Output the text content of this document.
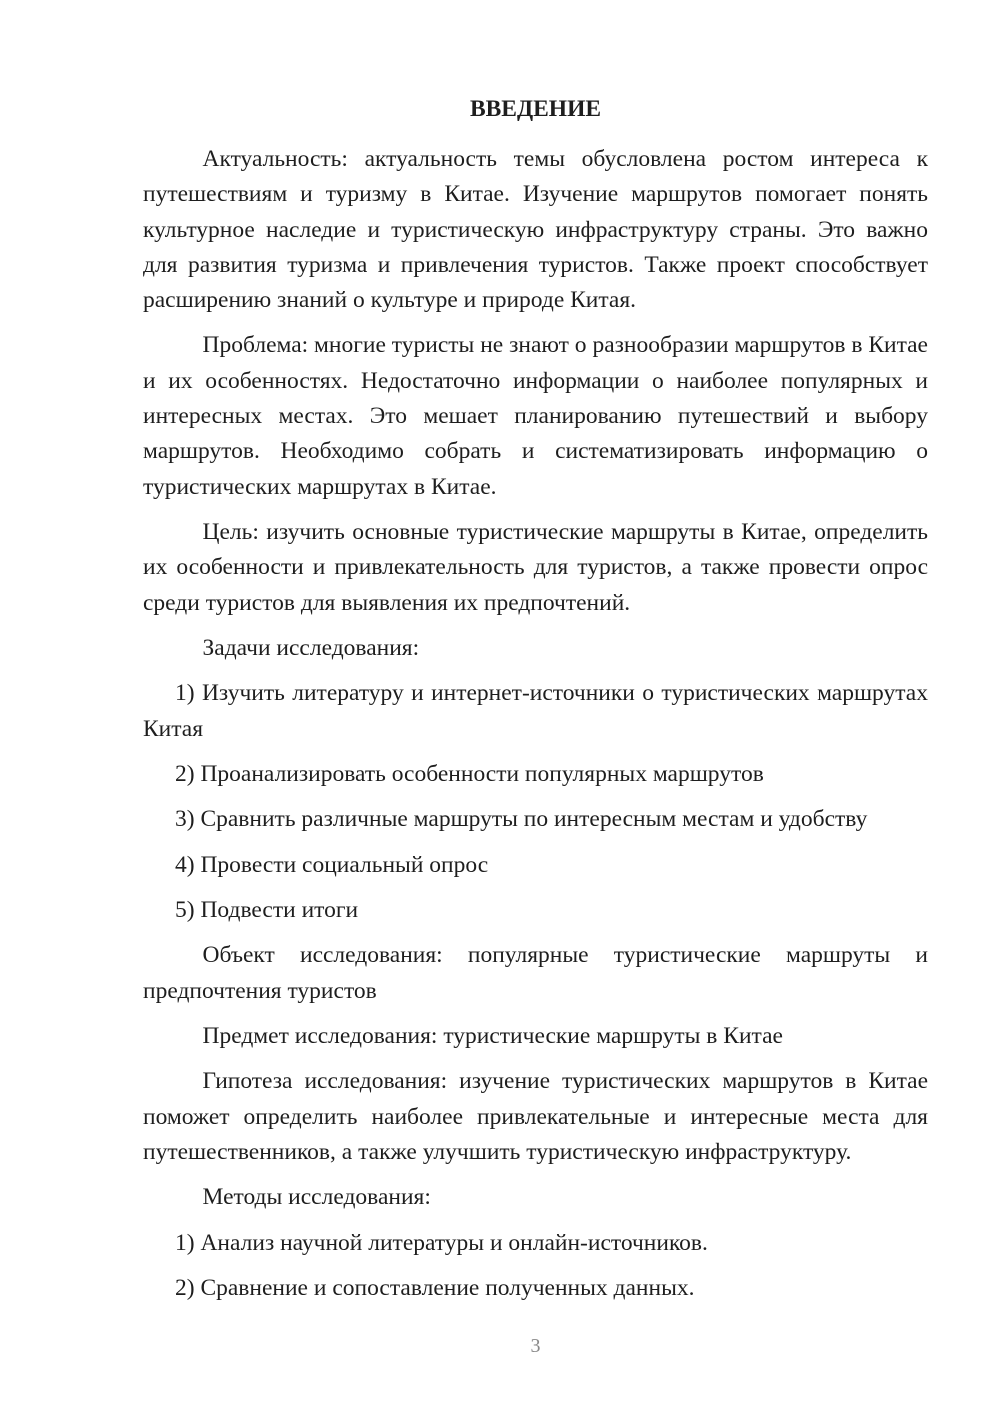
ВВЕДЕНИЕ

Актуальность: актуальность темы обусловлена ростом интереса к путешествиям и туризму в Китае. Изучение маршрутов помогает понять культурное наследие и туристическую инфраструктуру страны. Это важно для развития туризма и привлечения туристов. Также проект способствует расширению знаний о культуре и природе Китая.

Проблема: многие туристы не знают о разнообразии маршрутов в Китае и их особенностях. Недостаточно информации о наиболее популярных и интересных местах. Это мешает планированию путешествий и выбору маршрутов. Необходимо собрать и систематизировать информацию о туристических маршрутах в Китае.

Цель: изучить основные туристические маршруты в Китае, определить их особенности и привлекательность для туристов, а также провести опрос среди туристов для выявления их предпочтений.

Задачи исследования:

1) Изучить литературу и интернет-источники о туристических маршрутах Китая

2) Проанализировать особенности популярных маршрутов

3) Сравнить различные маршруты по интересным местам и удобству

4) Провести социальный опрос

5) Подвести итоги

Объект исследования: популярные туристические маршруты и предпочтения туристов

Предмет исследования: туристические маршруты в Китае

Гипотеза исследования: изучение туристических маршрутов в Китае поможет определить наиболее привлекательные и интересные места для путешественников, а также улучшить туристическую инфраструктуру.

Методы исследования:

1) Анализ научной литературы и онлайн-источников.

2) Сравнение и сопоставление полученных данных.

3
